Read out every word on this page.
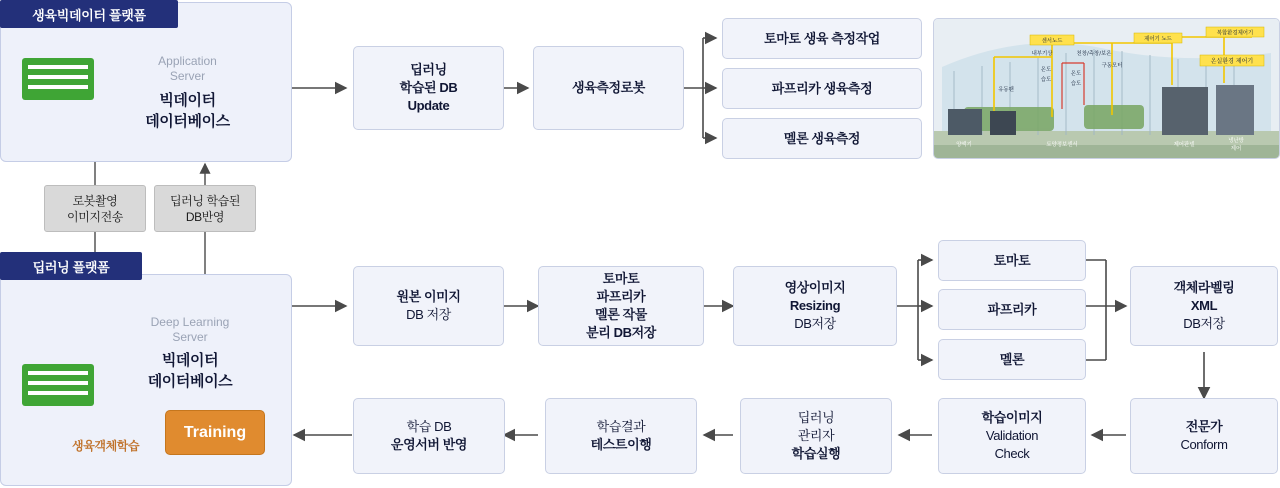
생육빅데이터 플랫폼
Application
Server
빅데이터
데이터베이스
로봇촬영
이미지전송
딥러닝 학습된
DB반영
딥러닝
학습된 DB
Update
생육측정로봇
토마토 생육 측정작업
파프리카 생육측정
멜론 생육측정
센서노드	제어기 노드
복합환경제어기
온실환경 제어기
내부기상	천창/측창/보온
구동모터
온도
습도
온도
습도
유동팬
양액기	토양정보센서	제어판넬
냉난방
제어
딥러닝 플랫폼
Deep Learning
Server
빅데이터
데이터베이스
Training
생육객체학습
원본 이미지
DB 저장
토마토
파프리카
멜론 작물
분리 DB저장
영상이미지
Resizing
DB저장
토마토
파프리카
멜론
객체라벨링
XML
DB저장
전문가
Conform
학습이미지
Validation
Check
딥러닝
관리자
학습실행
학습결과
테스트이행
학습 DB
운영서버 반영
